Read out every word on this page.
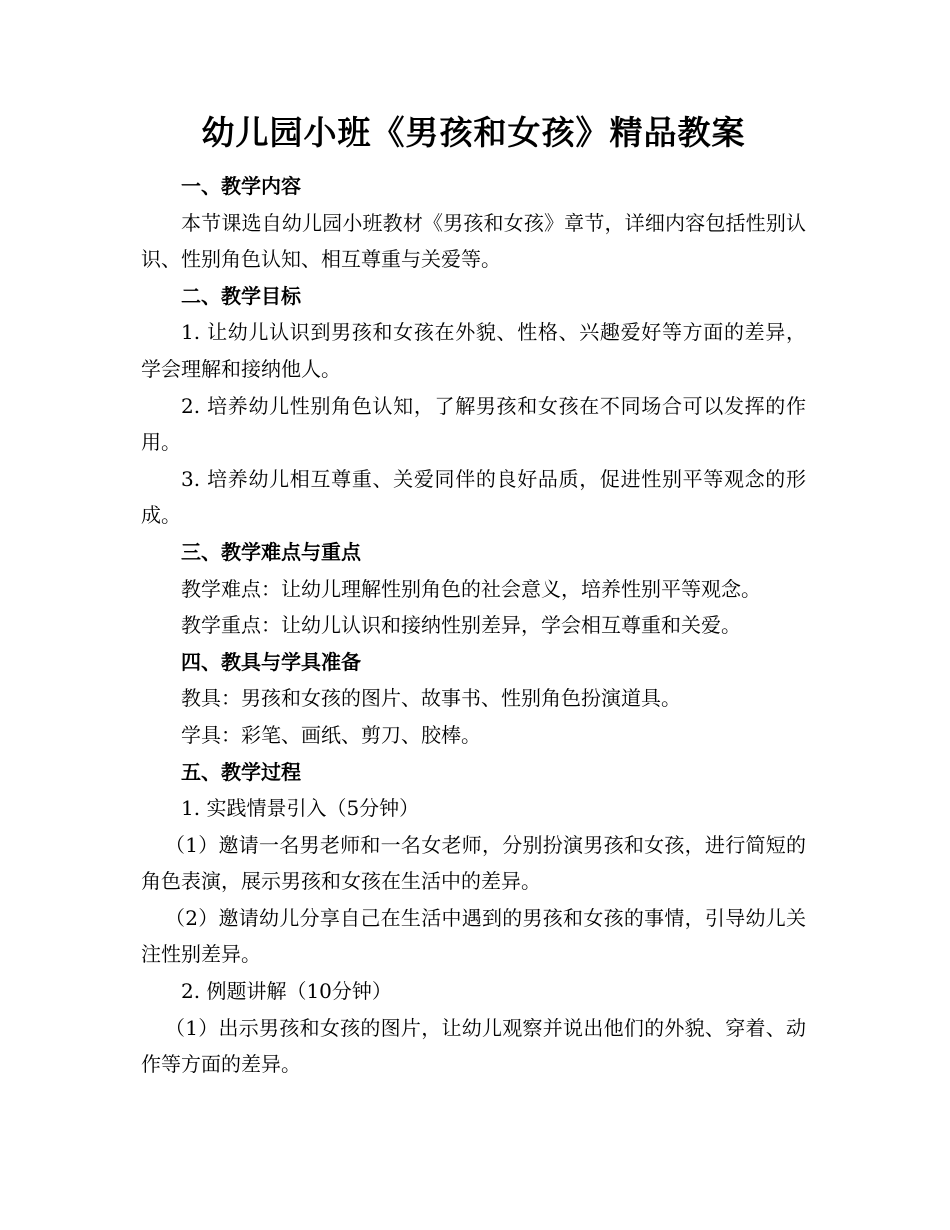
幼儿园小班《男孩和女孩》精品教案

一、教学内容

本节课选自幼儿园小班教材《男孩和女孩》章节，详细内容包括性别认识、性别角色认知、相互尊重与关爱等。

二、教学目标

1. 让幼儿认识到男孩和女孩在外貌、性格、兴趣爱好等方面的差异，学会理解和接纳他人。

2. 培养幼儿性别角色认知，了解男孩和女孩在不同场合可以发挥的作用。

3. 培养幼儿相互尊重、关爱同伴的良好品质，促进性别平等观念的形成。

三、教学难点与重点

教学难点：让幼儿理解性别角色的社会意义，培养性别平等观念。

教学重点：让幼儿认识和接纳性别差异，学会相互尊重和关爱。

四、教具与学具准备

教具：男孩和女孩的图片、故事书、性别角色扮演道具。

学具：彩笔、画纸、剪刀、胶棒。

五、教学过程

1. 实践情景引入（5分钟）

（1）邀请一名男老师和一名女老师，分别扮演男孩和女孩，进行简短的角色表演，展示男孩和女孩在生活中的差异。

（2）邀请幼儿分享自己在生活中遇到的男孩和女孩的事情，引导幼儿关注性别差异。

2. 例题讲解（10分钟）

（1）出示男孩和女孩的图片，让幼儿观察并说出他们的外貌、穿着、动作等方面的差异。
